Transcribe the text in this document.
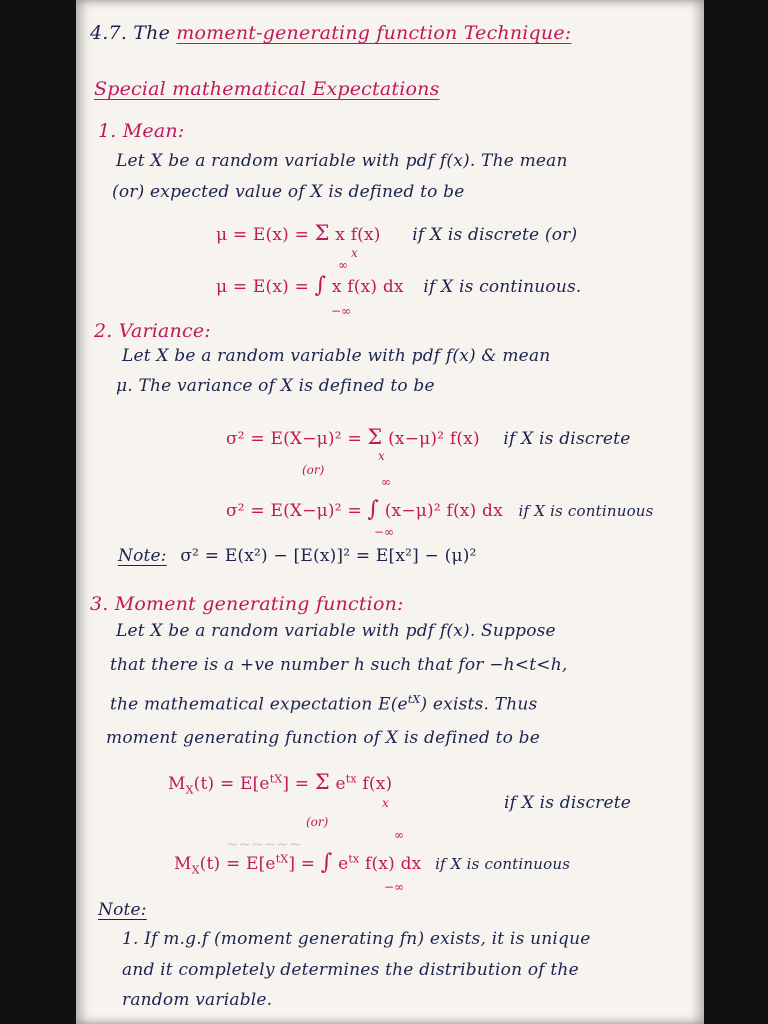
~~~~~~
4.7. The moment-generating function Technique:
Special mathematical Expectations
1. Mean:
Let X be a random variable with pdf f(x). The mean
(or) expected value of X is defined to be
μ = E(x) = Σ x f(x) if X is discrete (or)
x
∞
μ = E(x) = ∫ x f(x) dx if X is continuous.
−∞
2. Variance:
Let X be a random variable with pdf f(x) & mean
μ. The variance of X is defined to be
σ² = E(X−μ)² = Σ (x−μ)² f(x) if X is discrete
x
(or)
∞
σ² = E(X−μ)² = ∫ (x−μ)² f(x) dx if X is continuous
−∞
Note: σ² = E(x²) − [E(x)]² = E[x²] − (μ)²
3. Moment generating function:
Let X be a random variable with pdf f(x). Suppose
that there is a +ve number h such that for −h<t<h,
the mathematical expectation $E(e^{tX})$ exists. Thus
moment generating function of X is defined to be
$M_X(t) = E[e^{tX}] = \Sigma$ $e^{tx}$ f(x)
if X is discrete
x
(or)
∞
$M_X(t) = E[e^{tX}]$ = ∫ $e^{tx}$ f(x) dx if X is continuous
−∞
Note:
1. If m.g.f (moment generating fn) exists, it is unique
and it completely determines the distribution of the
random variable.
